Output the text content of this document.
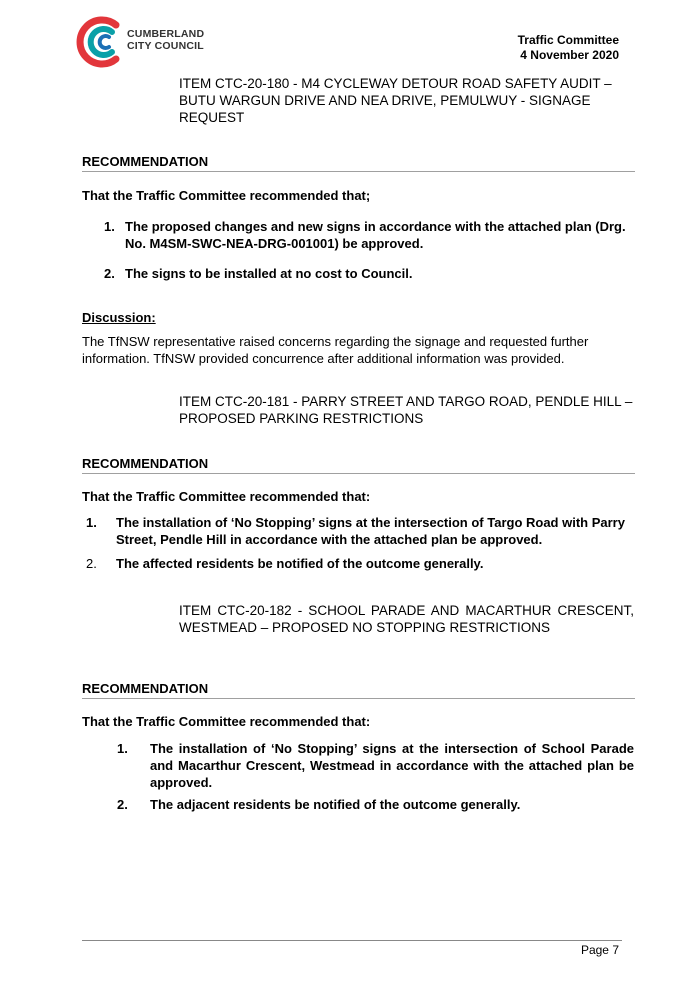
CUMBERLAND
CITY COUNCIL	Traffic Committee
4 November 2020
ITEM CTC-20-180 - M4 CYCLEWAY DETOUR ROAD SAFETY AUDIT – BUTU WARGUN DRIVE AND NEA DRIVE, PEMULWUY - SIGNAGE REQUEST
RECOMMENDATION
That the Traffic Committee recommended that;
1. The proposed changes and new signs in accordance with the attached plan (Drg. No. M4SM-SWC-NEA-DRG-001001) be approved.
2. The signs to be installed at no cost to Council.
Discussion:
The TfNSW representative raised concerns regarding the signage and requested further information. TfNSW provided concurrence after additional information was provided.
ITEM CTC-20-181 - PARRY STREET AND TARGO ROAD, PENDLE HILL – PROPOSED PARKING RESTRICTIONS
RECOMMENDATION
That the Traffic Committee recommended that:
1. The installation of ‘No Stopping’ signs at the intersection of Targo Road with Parry Street, Pendle Hill in accordance with the attached plan be approved.
2. The affected residents be notified of the outcome generally.
ITEM CTC-20-182 - SCHOOL PARADE AND MACARTHUR CRESCENT, WESTMEAD – PROPOSED NO STOPPING RESTRICTIONS
RECOMMENDATION
That the Traffic Committee recommended that:
1. The installation of ‘No Stopping’ signs at the intersection of School Parade and Macarthur Crescent, Westmead in accordance with the attached plan be approved.
2. The adjacent residents be notified of the outcome generally.
Page 7
